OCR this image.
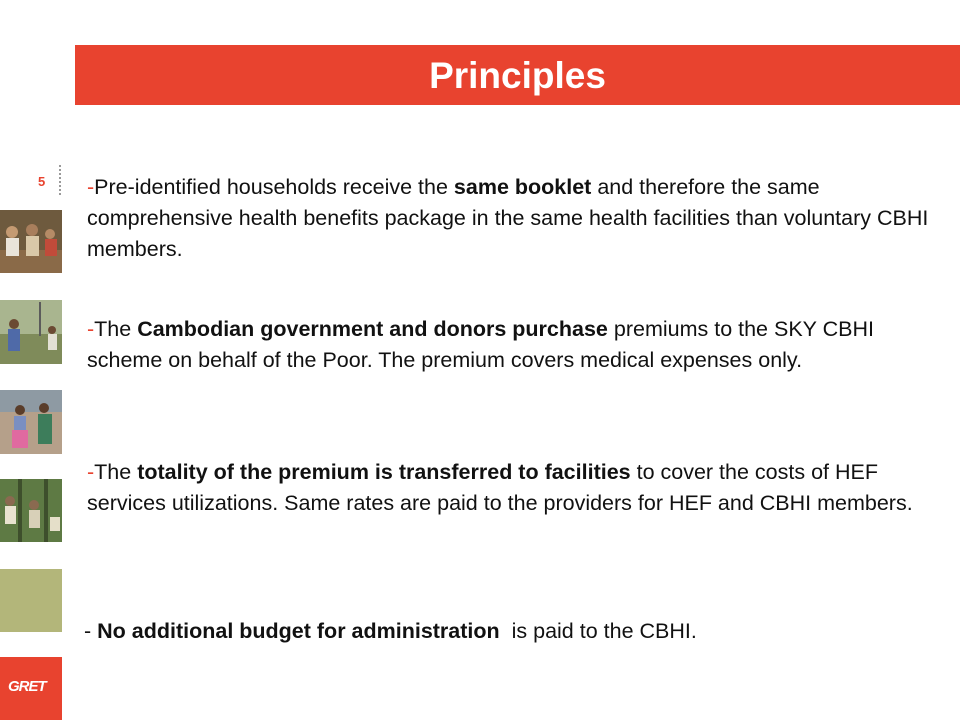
Principles
5
GRET
-Pre-identified households receive the same booklet and therefore the same comprehensive health benefits package in the same health facilities than voluntary CBHI members.
-The Cambodian government and donors purchase premiums to the SKY CBHI scheme on behalf of the Poor. The premium covers medical expenses only.
-The totality of the premium is transferred to facilities to cover the costs of HEF services utilizations. Same rates are paid to the providers for HEF and CBHI members.
- No additional budget for administration  is paid to the CBHI.
